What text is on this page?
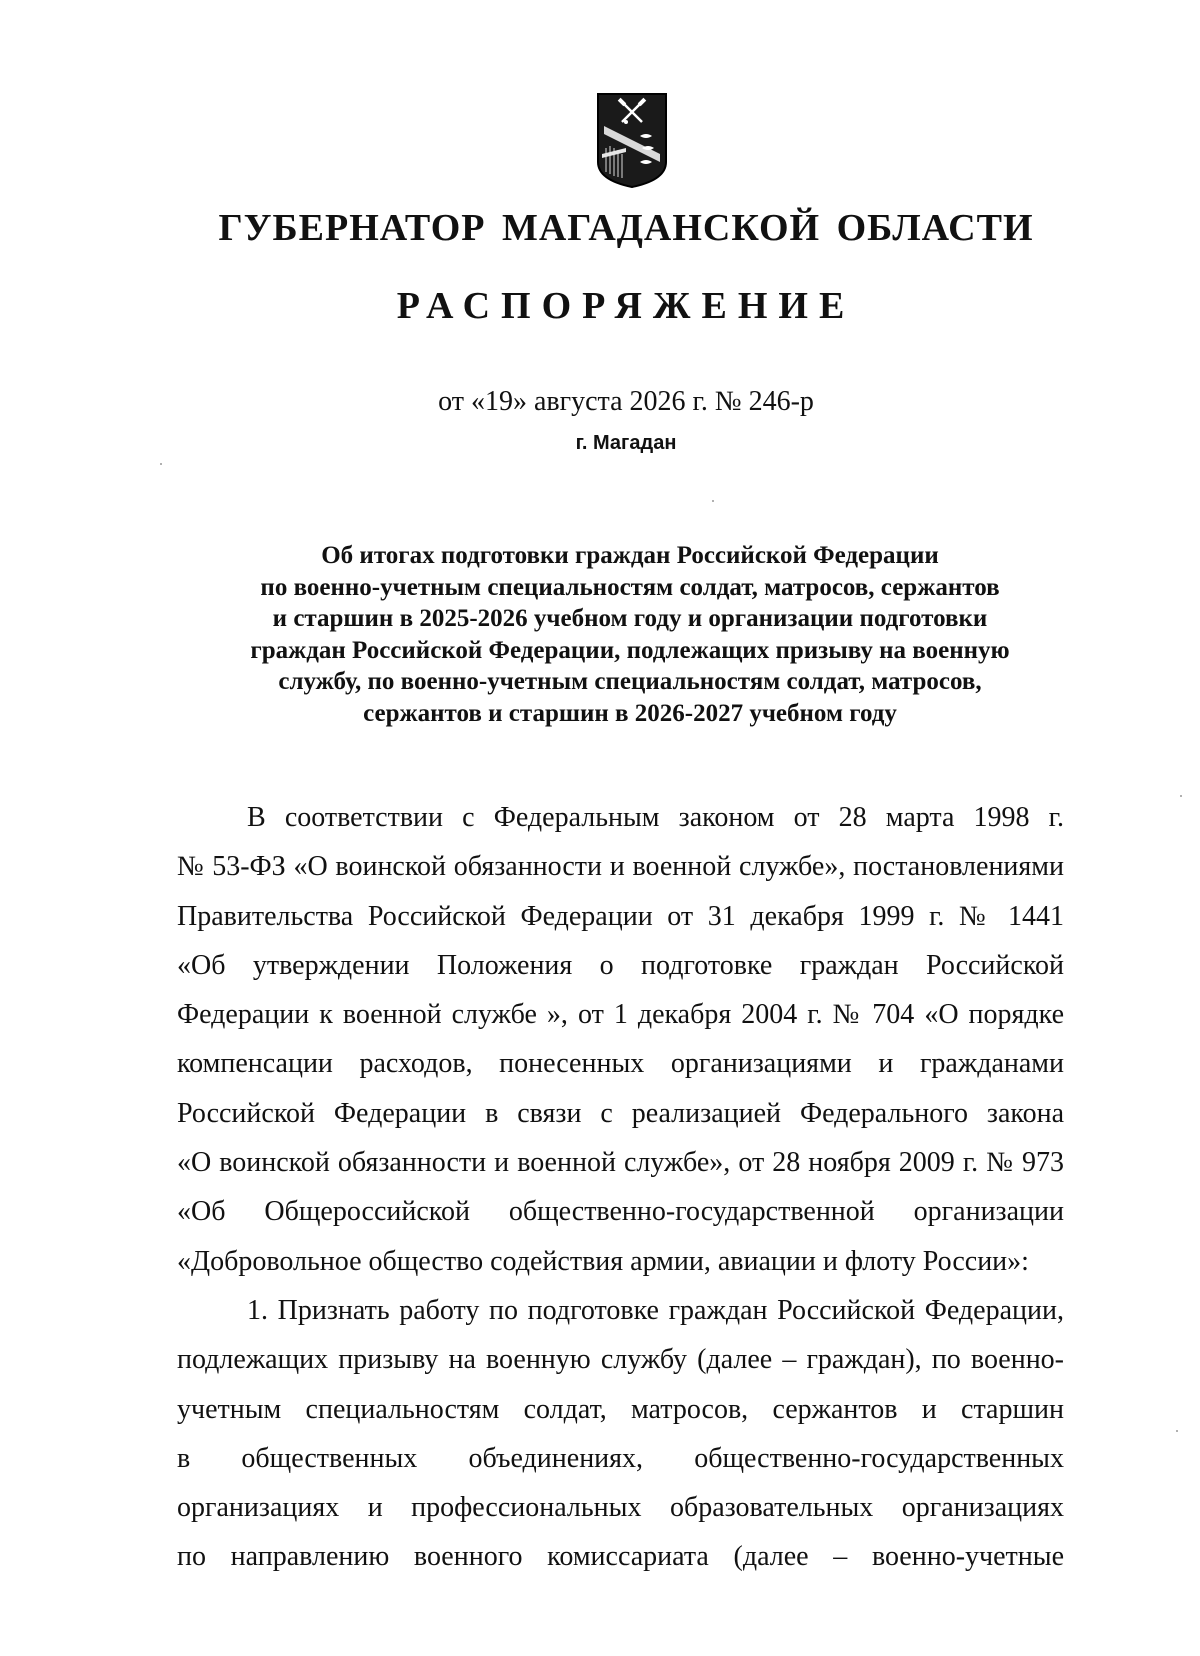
ГУБЕРНАТОР МАГАДАНСКОЙ ОБЛАСТИ
РАСПОРЯЖЕНИЕ
от «19» августа 2026 г. № 246-р
г. Магадан
Об итогах подготовки граждан Российской Федерации
по военно-учетным специальностям солдат, матросов, сержантов
и старшин в 2025-2026 учебном году и организации подготовки
граждан Российской Федерации, подлежащих призыву на военную
службу, по военно-учетным специальностям солдат, матросов,
сержантов и старшин в 2026-2027 учебном году
В соответствии с Федеральным законом от 28 марта 1998 г.
№ 53-ФЗ «О воинской обязанности и военной службе», постановлениями
Правительства Российской Федерации от 31 декабря 1999 г. № 1441
«Об утверждении Положения о подготовке граждан Российской
Федерации к военной службе », от 1 декабря 2004 г. № 704 «О порядке
компенсации расходов, понесенных организациями и гражданами
Российской Федерации в связи с реализацией Федерального закона
«О воинской обязанности и военной службе», от 28 ноября 2009 г. № 973
«Об Общероссийской общественно-государственной организации
«Добровольное общество содействия армии, авиации и флоту России»:
1. Признать работу по подготовке граждан Российской Федерации,
подлежащих призыву на военную службу (далее – граждан), по военно-
учетным специальностям солдат, матросов, сержантов и старшин
в общественных объединениях, общественно-государственных
организациях и профессиональных образовательных организациях
по направлению военного комиссариата (далее – военно-учетные
